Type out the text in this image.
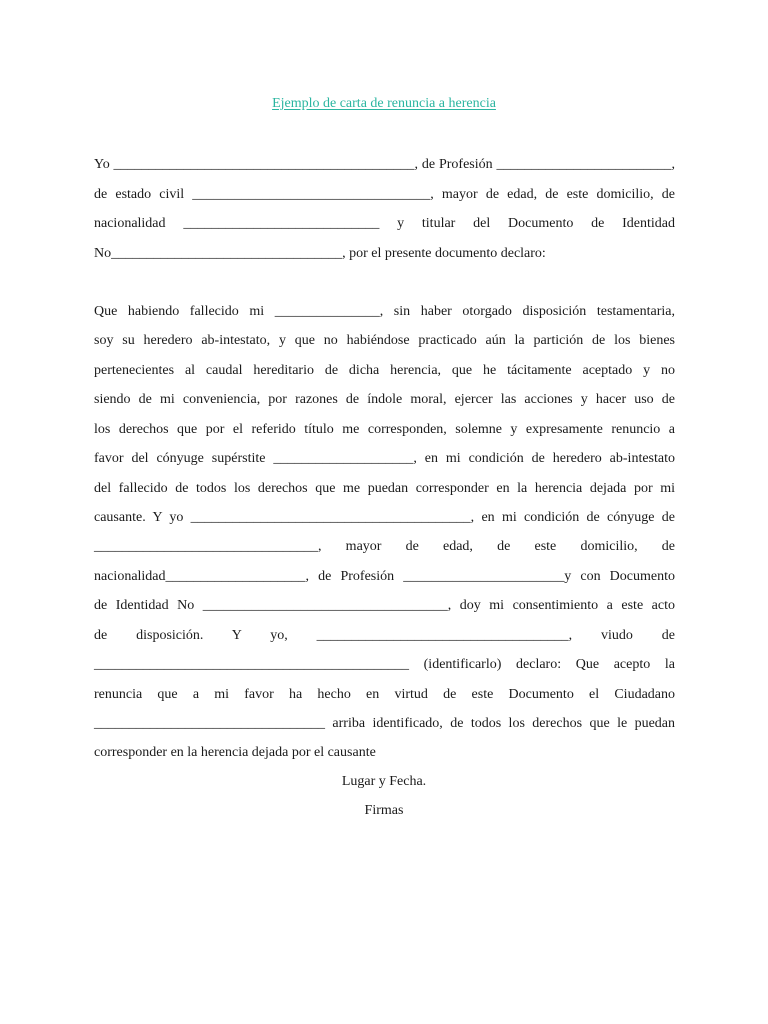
Ejemplo de carta de renuncia a herencia
Yo ___________________________________________, de Profesión _________________________,
de estado civil __________________________________, mayor de edad, de este domicilio, de
nacionalidad ____________________________ y titular del Documento de Identidad
No_________________________________, por el presente documento declaro:
Que habiendo fallecido mi _______________, sin haber otorgado disposición testamentaria,
soy su heredero ab-intestato, y que no habiéndose practicado aún la partición de los bienes
pertenecientes al caudal hereditario de dicha herencia, que he tácitamente aceptado y no
siendo de mi conveniencia, por razones de índole moral, ejercer las acciones y hacer uso de
los derechos que por el referido título me corresponden, solemne y expresamente renuncio a
favor del cónyuge supérstite ____________________, en mi condición de heredero ab-intestato
del fallecido de todos los derechos que me puedan corresponder en la herencia dejada por mi
causante. Y yo ________________________________________, en mi condición de cónyuge de
________________________________, mayor de edad, de este domicilio, de
nacionalidad____________________, de Profesión _______________________y con Documento
de Identidad No ___________________________________, doy mi consentimiento a este acto
de disposición. Y yo, ____________________________________, viudo de
_____________________________________________ (identificarlo) declaro: Que acepto la
renuncia que a mi favor ha hecho en virtud de este Documento el Ciudadano
_________________________________ arriba identificado, de todos los derechos que le puedan
corresponder en la herencia dejada por el causante
Lugar y Fecha.
Firmas
